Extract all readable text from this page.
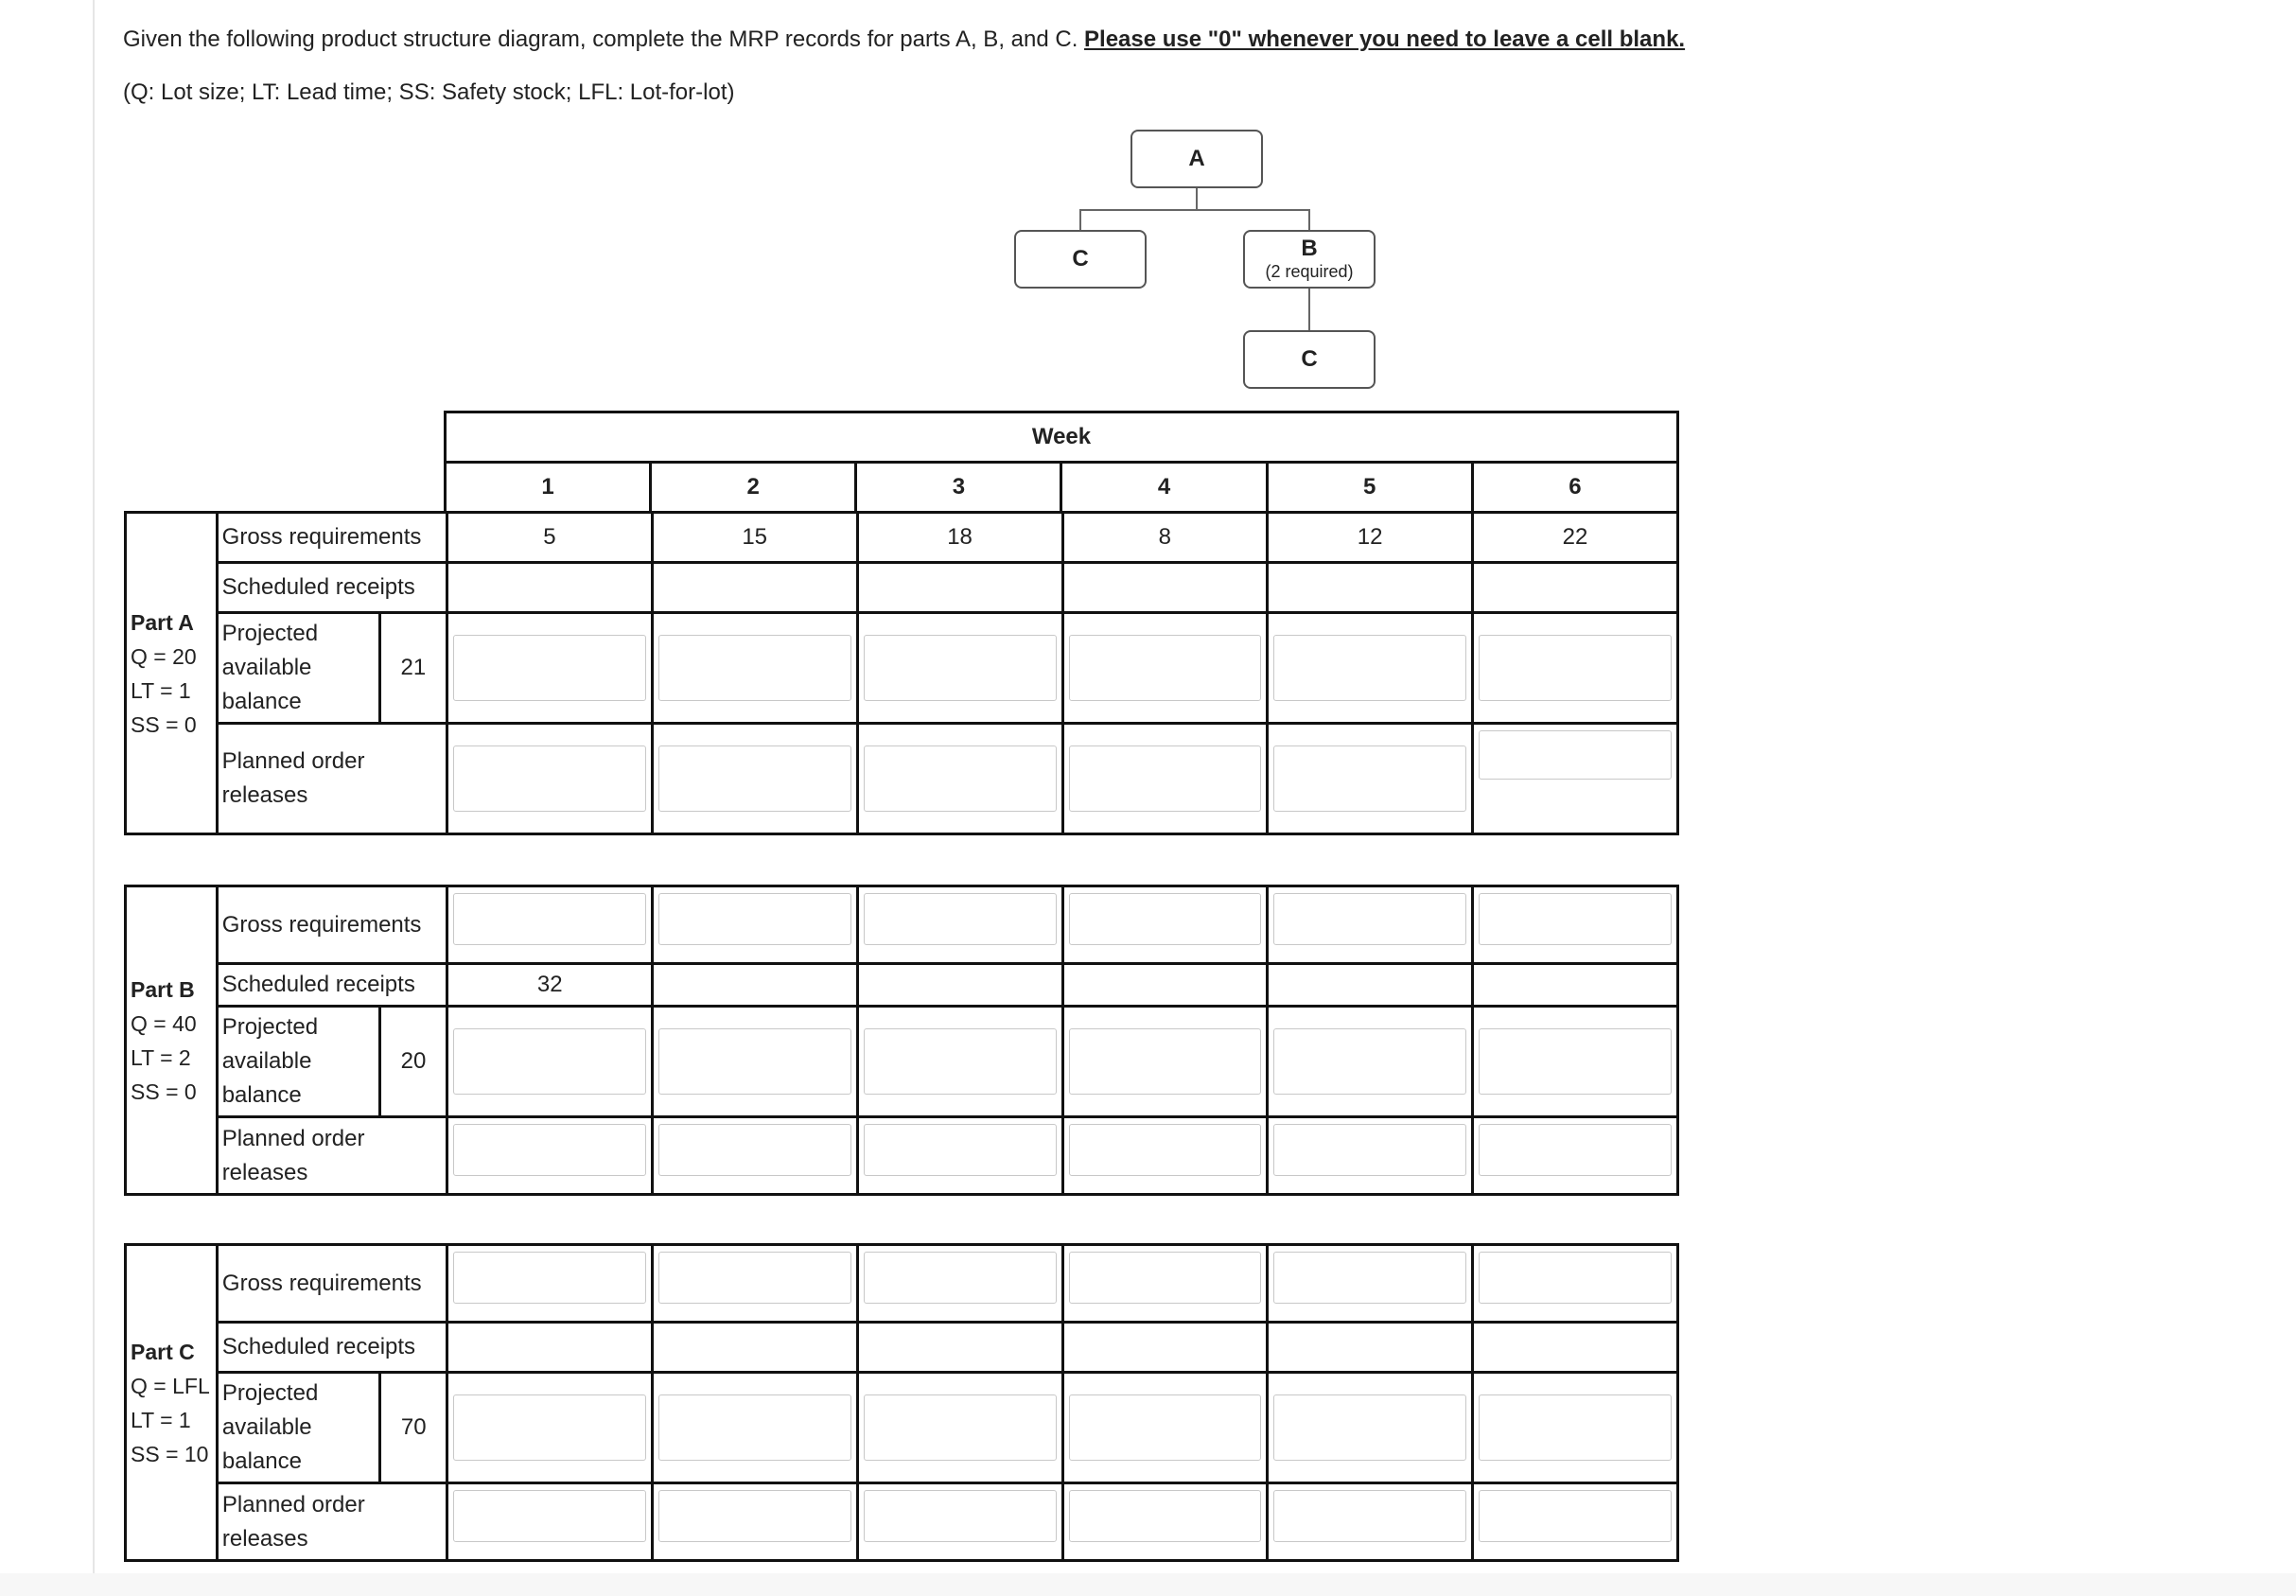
Given the following product structure diagram, complete the MRP records for parts A, B, and C. Please use "0" whenever you need to leave a cell blank.
(Q: Lot size; LT: Lead time; SS: Safety stock; LFL: Lot-for-lot)
A
C	B
(2 required)
C
Week
1	2	3	4	5	6
Part A
Q = 20
LT = 1
SS = 0	Gross requirements		5	15	18	8	12	22
	Scheduled receipts							
	Projected
available
balance	21	

	Planned order
releases		

Part B
Q = 40
LT = 2
SS = 0	Gross requirements		

	Scheduled receipts		32					
	Projected
available
balance	20	

	Planned order
releases		

Part C
Q = LFL
LT = 1
SS = 10	Gross requirements		

	Scheduled receipts							
	Projected
available
balance	70	

	Planned order
releases		
